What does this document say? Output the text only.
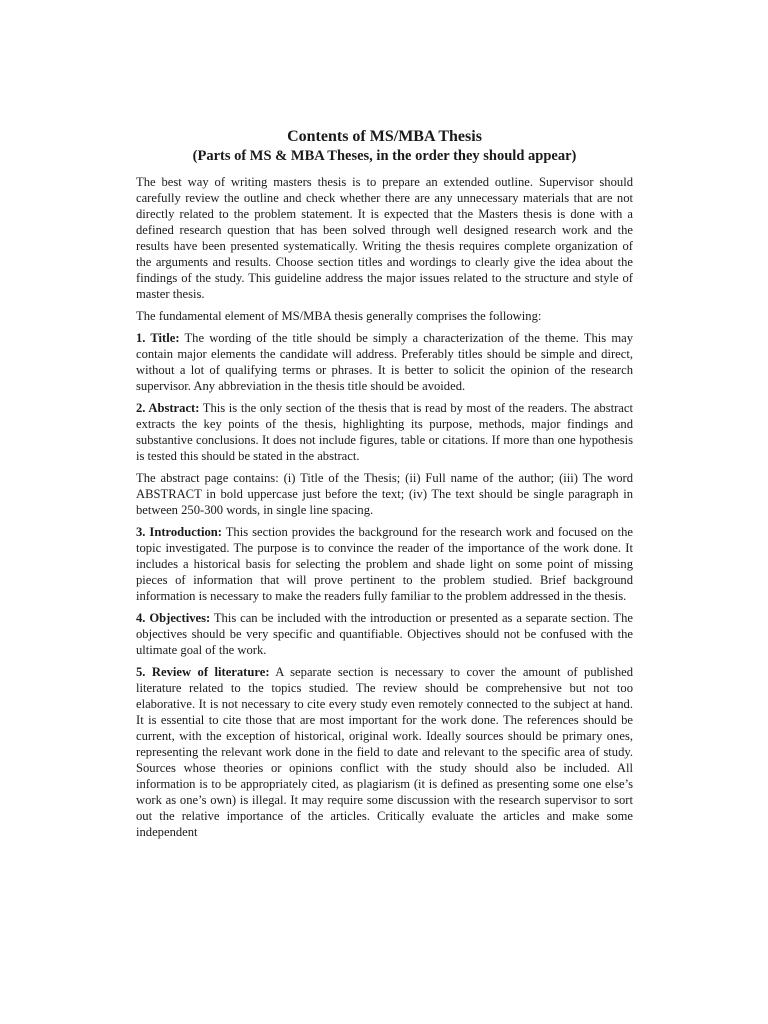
Contents of MS/MBA Thesis
(Parts of MS & MBA Theses, in the order they should appear)

The best way of writing masters thesis is to prepare an extended outline. Supervisor should carefully review the outline and check whether there are any unnecessary materials that are not directly related to the problem statement. It is expected that the Masters thesis is done with a defined research question that has been solved through well designed research work and the results have been presented systematically. Writing the thesis requires complete organization of the arguments and results. Choose section titles and wordings to clearly give the idea about the findings of the study. This guideline address the major issues related to the structure and style of master thesis.

The fundamental element of MS/MBA thesis generally comprises the following:

1. Title: The wording of the title should be simply a characterization of the theme. This may contain major elements the candidate will address. Preferably titles should be simple and direct, without a lot of qualifying terms or phrases. It is better to solicit the opinion of the research supervisor. Any abbreviation in the thesis title should be avoided.

2. Abstract: This is the only section of the thesis that is read by most of the readers. The abstract extracts the key points of the thesis, highlighting its purpose, methods, major findings and substantive conclusions. It does not include figures, table or citations. If more than one hypothesis is tested this should be stated in the abstract.

The abstract page contains: (i) Title of the Thesis; (ii) Full name of the author; (iii) The word ABSTRACT in bold uppercase just before the text; (iv) The text should be single paragraph in between 250-300 words, in single line spacing.

3. Introduction: This section provides the background for the research work and focused on the topic investigated. The purpose is to convince the reader of the importance of the work done. It includes a historical basis for selecting the problem and shade light on some point of missing pieces of information that will prove pertinent to the problem studied. Brief background information is necessary to make the readers fully familiar to the problem addressed in the thesis.

4. Objectives: This can be included with the introduction or presented as a separate section. The objectives should be very specific and quantifiable. Objectives should not be confused with the ultimate goal of the work.

5. Review of literature: A separate section is necessary to cover the amount of published literature related to the topics studied. The review should be comprehensive but not too elaborative. It is not necessary to cite every study even remotely connected to the subject at hand. It is essential to cite those that are most important for the work done. The references should be current, with the exception of historical, original work. Ideally sources should be primary ones, representing the relevant work done in the field to date and relevant to the specific area of study. Sources whose theories or opinions conflict with the study should also be included. All information is to be appropriately cited, as plagiarism (it is defined as presenting some one else’s work as one’s own) is illegal. It may require some discussion with the research supervisor to sort out the relative importance of the articles. Critically evaluate the articles and make some independent
